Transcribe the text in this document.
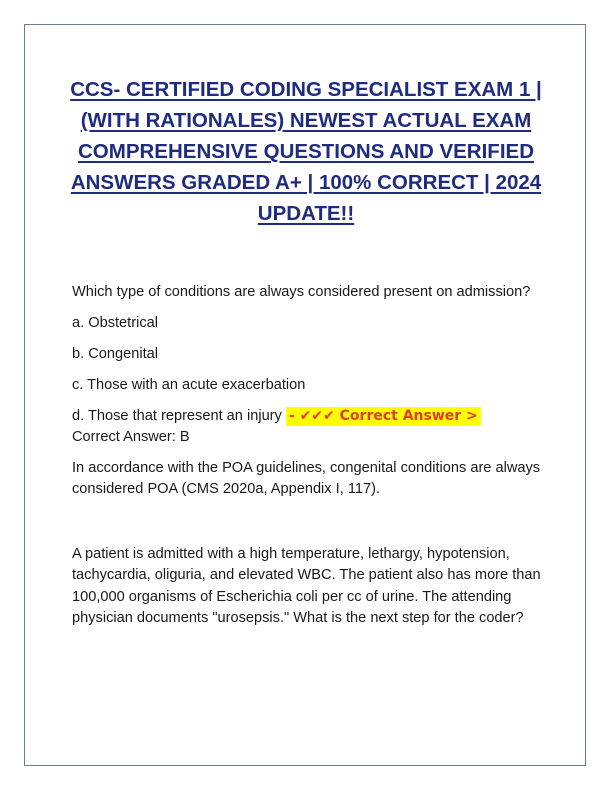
CCS- CERTIFIED CODING SPECIALIST EXAM 1 | (WITH RATIONALES) NEWEST ACTUAL EXAM COMPREHENSIVE QUESTIONS AND VERIFIED ANSWERS GRADED A+ | 100% CORRECT | 2024 UPDATE!!

Which type of conditions are always considered present on admission?

a. Obstetrical

b. Congenital

c. Those with an acute exacerbation

d. Those that represent an injury - ✔✔✔ Correct Answer >

Correct Answer: B

In accordance with the POA guidelines, congenital conditions are always considered POA (CMS 2020a, Appendix I, 117).

A patient is admitted with a high temperature, lethargy, hypotension, tachycardia, oliguria, and elevated WBC. The patient also has more than 100,000 organisms of Escherichia coli per cc of urine. The attending physician documents "urosepsis." What is the next step for the coder?
